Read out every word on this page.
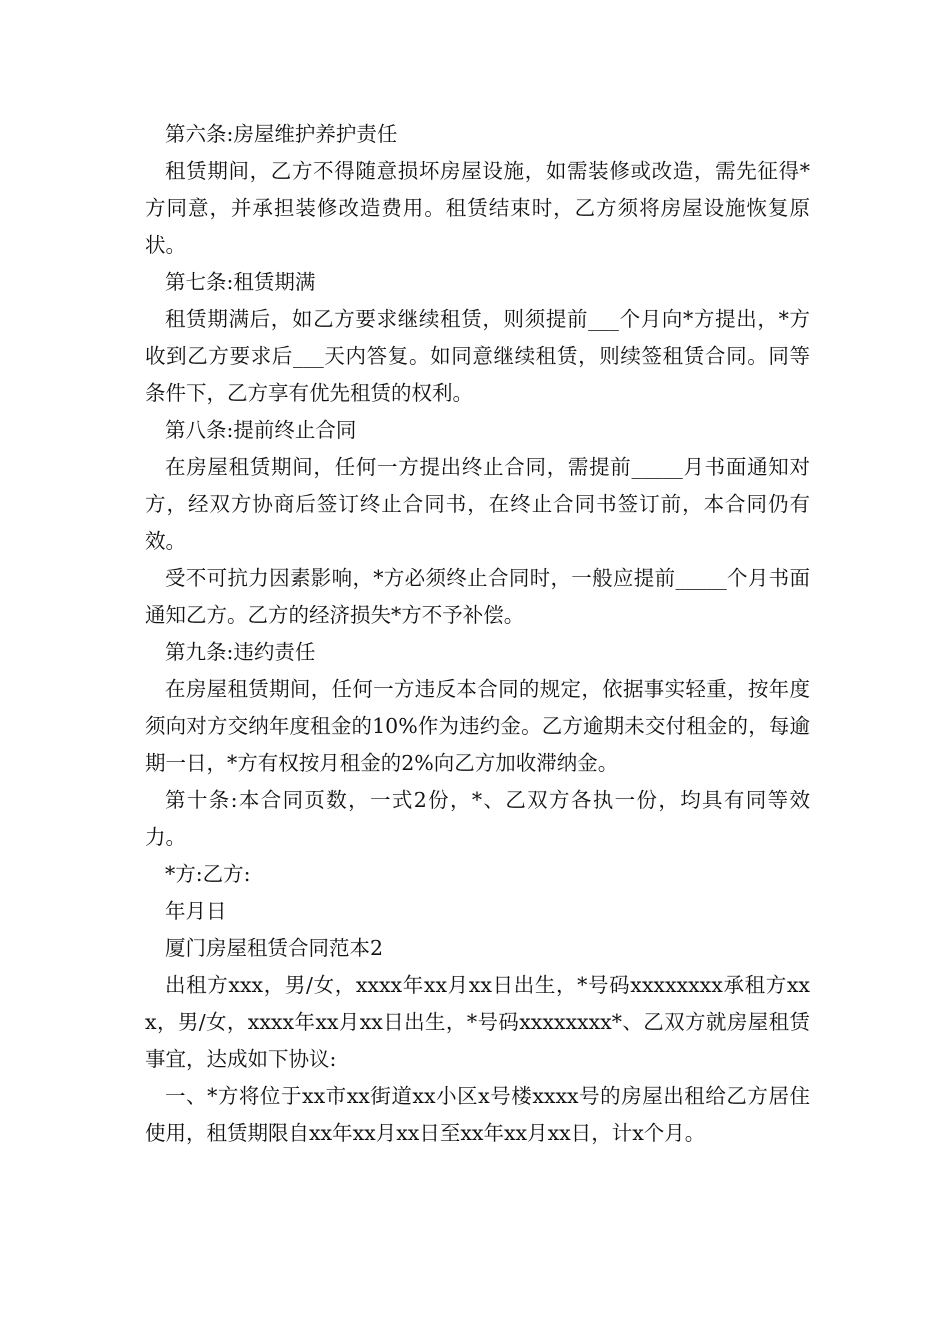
第六条:房屋维护养护责任

租赁期间，乙方不得随意损坏房屋设施，如需装修或改造，需先征得*方同意，并承担装修改造费用。租赁结束时，乙方须将房屋设施恢复原状。

第七条:租赁期满

租赁期满后，如乙方要求继续租赁，则须提前___个月向*方提出，*方收到乙方要求后___天内答复。如同意继续租赁，则续签租赁合同。同等条件下，乙方享有优先租赁的权利。

第八条:提前终止合同

在房屋租赁期间，任何一方提出终止合同，需提前_____月书面通知对方，经双方协商后签订终止合同书，在终止合同书签订前，本合同仍有效。

受不可抗力因素影响，*方必须终止合同时，一般应提前_____个月书面通知乙方。乙方的经济损失*方不予补偿。

第九条:违约责任

在房屋租赁期间，任何一方违反本合同的规定，依据事实轻重，按年度须向对方交纳年度租金的10%作为违约金。乙方逾期未交付租金的，每逾期一日，*方有权按月租金的2%向乙方加收滞纳金。

第十条:本合同页数，一式2份，*、乙双方各执一份，均具有同等效力。

*方:乙方:

年月日

厦门房屋租赁合同范本2

出租方xxx，男/女，xxxx年xx月xx日出生，*号码xxxxxxxx承租方xxx，男/女，xxxx年xx月xx日出生，*号码xxxxxxxx*、乙双方就房屋租赁事宜，达成如下协议:

一、*方将位于xx市xx街道xx小区x号楼xxxx号的房屋出租给乙方居住使用，租赁期限自xx年xx月xx日至xx年xx月xx日，计x个月。
